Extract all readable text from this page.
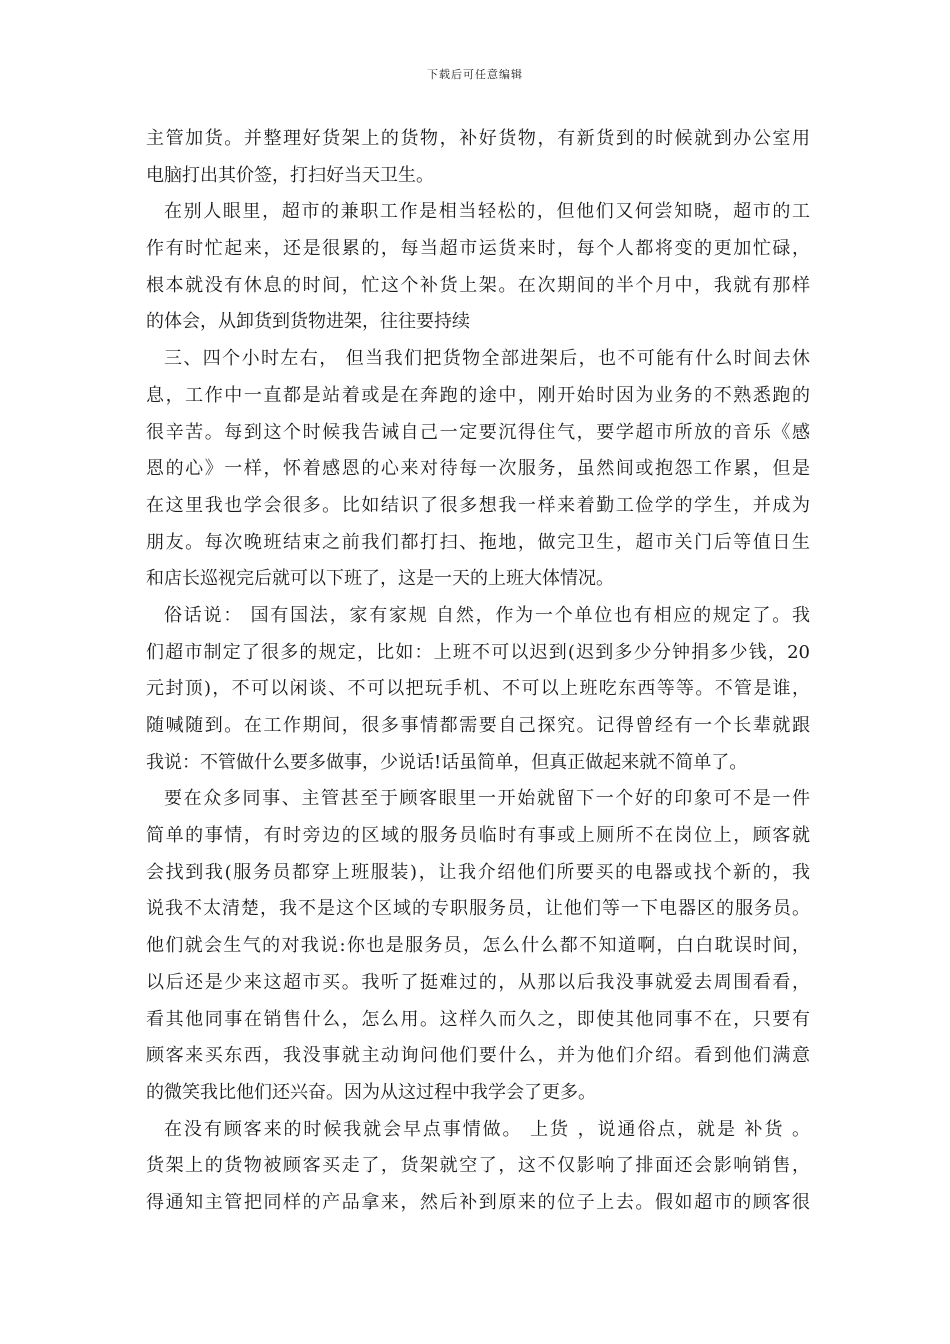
下载后可任意编辑
主管加货。并整理好货架上的货物，补好货物，有新货到的时候就到办公室用
电脑打出其价签，打扫好当天卫生。
在别人眼里，超市的兼职工作是相当轻松的，但他们又何尝知晓，超市的工
作有时忙起来，还是很累的，每当超市运货来时，每个人都将变的更加忙碌，
根本就没有休息的时间，忙这个补货上架。在次期间的半个月中，我就有那样
的体会，从卸货到货物进架，往往要持续
三、四个小时左右， 但当我们把货物全部进架后，也不可能有什么时间去休
息，工作中一直都是站着或是在奔跑的途中，刚开始时因为业务的不熟悉跑的
很辛苦。每到这个时候我告诫自己一定要沉得住气，要学超市所放的音乐《感
恩的心》一样，怀着感恩的心来对待每一次服务，虽然间或抱怨工作累，但是
在这里我也学会很多。比如结识了很多想我一样来着勤工俭学的学生，并成为
朋友。每次晚班结束之前我们都打扫、拖地，做完卫生，超市关门后等值日生
和店长巡视完后就可以下班了，这是一天的上班大体情况。
俗话说： 国有国法，家有家规 自然，作为一个单位也有相应的规定了。我
们超市制定了很多的规定，比如：上班不可以迟到(迟到多少分钟捐多少钱，20
元封顶)，不可以闲谈、不可以把玩手机、不可以上班吃东西等等。不管是谁，
随喊随到。在工作期间，很多事情都需要自己探究。记得曾经有一个长辈就跟
我说：不管做什么要多做事，少说话!话虽简单，但真正做起来就不简单了。
要在众多同事、主管甚至于顾客眼里一开始就留下一个好的印象可不是一件
简单的事情，有时旁边的区域的服务员临时有事或上厕所不在岗位上，顾客就
会找到我(服务员都穿上班服装)，让我介绍他们所要买的电器或找个新的，我
说我不太清楚，我不是这个区域的专职服务员，让他们等一下电器区的服务员。
他们就会生气的对我说:你也是服务员，怎么什么都不知道啊，白白耽误时间，
以后还是少来这超市买。我听了挺难过的，从那以后我没事就爱去周围看看，
看其他同事在销售什么，怎么用。这样久而久之，即使其他同事不在，只要有
顾客来买东西，我没事就主动询问他们要什么，并为他们介绍。看到他们满意
的微笑我比他们还兴奋。因为从这过程中我学会了更多。
在没有顾客来的时候我就会早点事情做。 上货 ，说通俗点，就是 补货 。
货架上的货物被顾客买走了，货架就空了，这不仅影响了排面还会影响销售，
得通知主管把同样的产品拿来，然后补到原来的位子上去。假如超市的顾客很
